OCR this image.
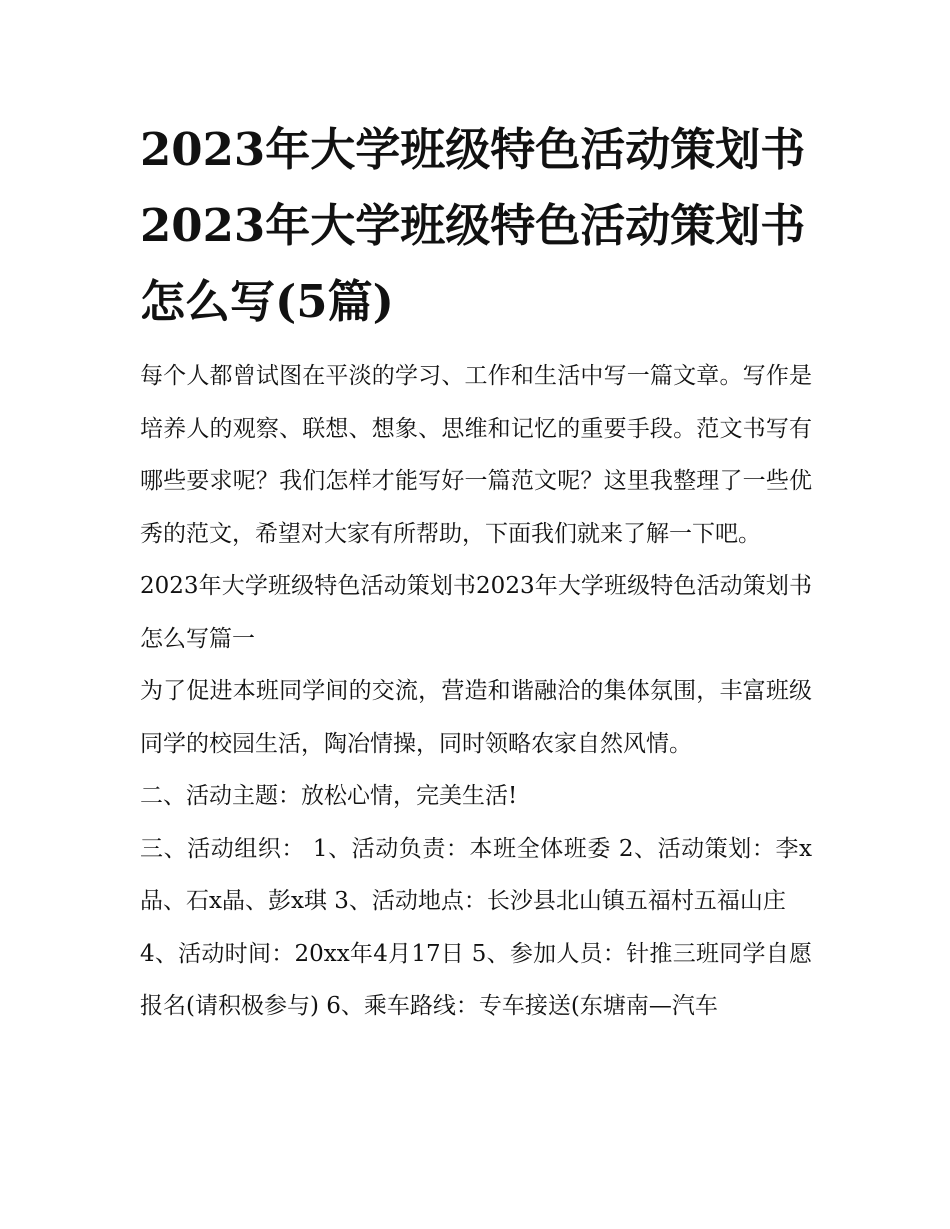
2023年大学班级特色活动策划书2023年大学班级特色活动策划书怎么写(5篇)

每个人都曾试图在平淡的学习、工作和生活中写一篇文章。写作是培养人的观察、联想、想象、思维和记忆的重要手段。范文书写有哪些要求呢？我们怎样才能写好一篇范文呢？这里我整理了一些优秀的范文，希望对大家有所帮助，下面我们就来了解一下吧。

2023年大学班级特色活动策划书2023年大学班级特色活动策划书怎么写篇一

为了促进本班同学间的交流，营造和谐融洽的集体氛围，丰富班级同学的校园生活，陶冶情操，同时领略农家自然风情。

二、活动主题：放松心情，完美生活!

三、活动组织： 1、活动负责：本班全体班委 2、活动策划：李x品、石x晶、彭x琪 3、活动地点：长沙县北山镇五福村五福山庄

4、活动时间：20xx年4月17日 5、参加人员：针推三班同学自愿报名(请积极参与) 6、乘车路线：专车接送(东塘南—汽车
